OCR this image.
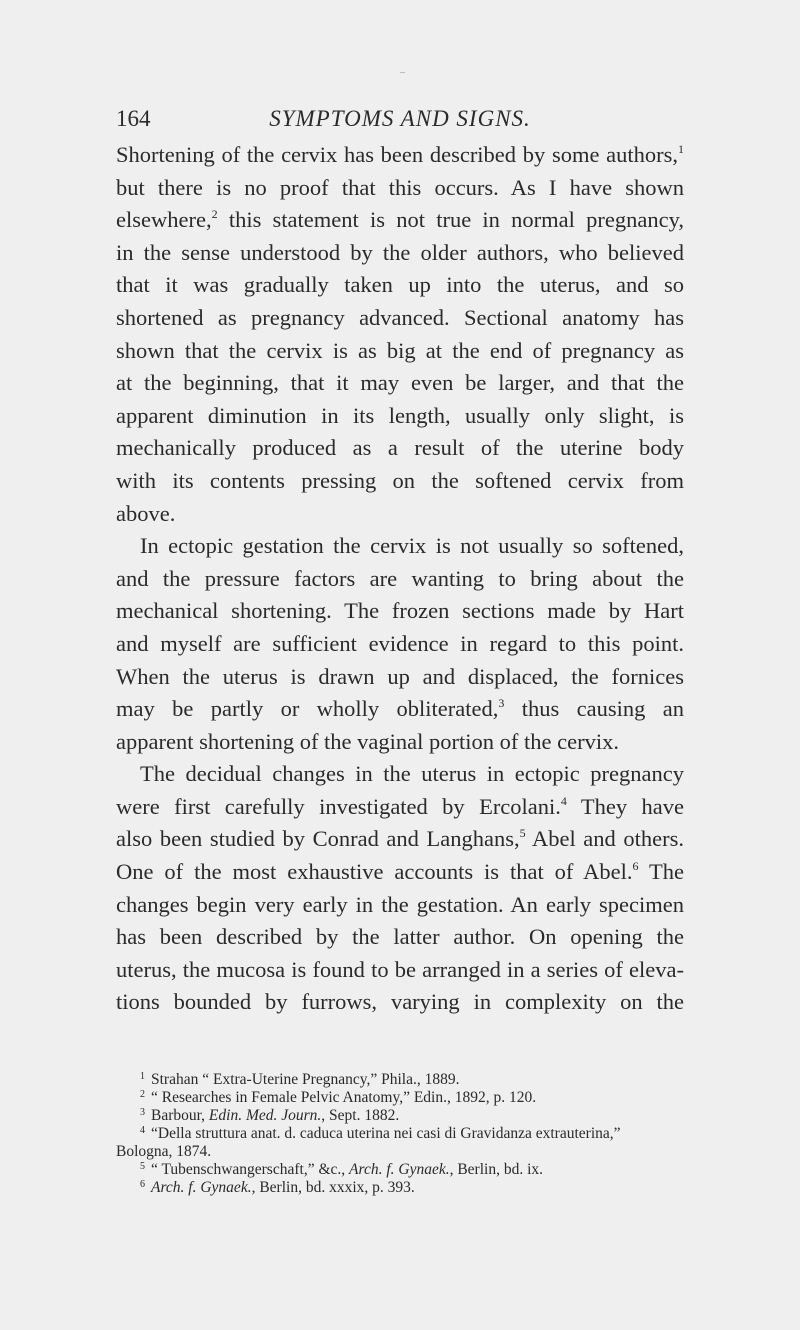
164	SYMPTOMS AND SIGNS.
Shortening of the cervix has been described by some authors,$^1$
but there is no proof that this occurs. As I have shown
elsewhere,$^2$ this statement is not true in normal pregnancy,
in the sense understood by the older authors, who believed
that it was gradually taken up into the uterus, and so
shortened as pregnancy advanced. Sectional anatomy has
shown that the cervix is as big at the end of pregnancy as
at the beginning, that it may even be larger, and that the
apparent diminution in its length, usually only slight, is
mechanically produced as a result of the uterine body
with its contents pressing on the softened cervix from
above.
In ectopic gestation the cervix is not usually so softened,
and the pressure factors are wanting to bring about the
mechanical shortening. The frozen sections made by Hart
and myself are sufficient evidence in regard to this point.
When the uterus is drawn up and displaced, the fornices
may be partly or wholly obliterated,$^3$ thus causing an
apparent shortening of the vaginal portion of the cervix.
The decidual changes in the uterus in ectopic pregnancy
were first carefully investigated by Ercolani.$^4$ They have
also been studied by Conrad and Langhans,$^5$ Abel and others.
One of the most exhaustive accounts is that of Abel.$^6$ The
changes begin very early in the gestation. An early specimen
has been described by the latter author. On opening the
uterus, the mucosa is found to be arranged in a series of eleva-
tions bounded by furrows, varying in complexity on the
$^1$ Strahan “ Extra-Uterine Pregnancy,” Phila., 1889.
$^2$ “ Researches in Female Pelvic Anatomy,” Edin., 1892, p. 120.
$^3$ Barbour, Edin. Med. Journ., Sept. 1882.
$^4$ “Della struttura anat. d. caduca uterina nei casi di Gravidanza extrauterina,”
Bologna, 1874.
$^5$ “ Tubenschwangerschaft,” &c., Arch. f. Gynaek., Berlin, bd. ix.
$^6$ Arch. f. Gynaek., Berlin, bd. xxxix, p. 393.
